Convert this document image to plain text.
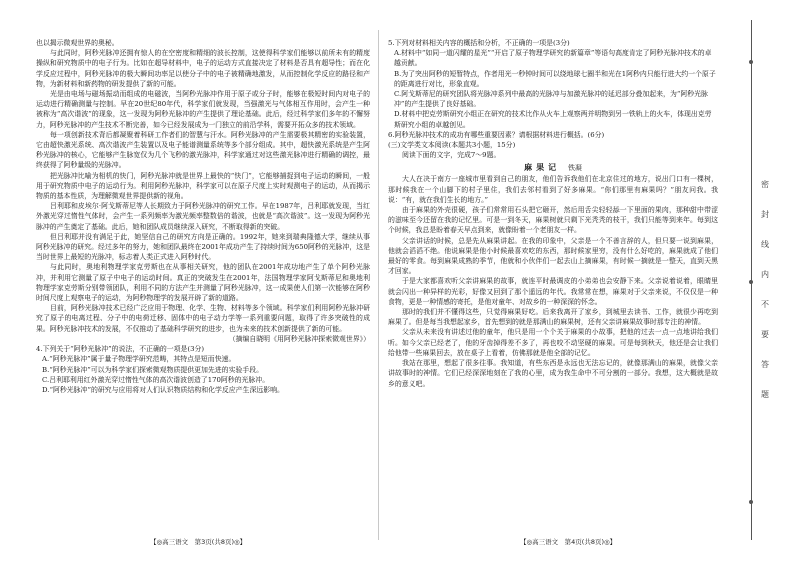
也以揭示微观世界的奥秘。

与此同时，阿秒光脉冲还拥有惊人的在空密度和精细的波长控制，这使得科学家们能够以前所未有的精度操纵和研究物质中的电子行为。比如在超导材料中，电子的运动方式直接决定了材料是否具有超导性；而在化学反应过程中，阿秒光脉冲的极大瞬间功率足以使分子中的电子被精确地激发，从而控制化学反应的路径和产物，为新材料和新药物的研发提供了新的可能。

光是由电场与磁场振动而组成的电磁波，当阿秒光脉冲作用于原子或分子时，能够在极短时间内对电子的运动进行精确测量与控制。早在20世纪80年代，科学家们就发现，当强激光与气体相互作用时，会产生一种被称为“高次谐波”的现象，这一发现为阿秒光脉冲的产生提供了理论基础。此后，经过科学家们多年的不懈努力，阿秒光脉冲的产生技术不断完善，如今已经发展成为一门独立的前沿学科，需要开拓众多的技术领域。

每一项创新技术背后都凝聚着科研工作者们的智慧与汗水。阿秒光脉冲的产生需要极其精密的实验装置，它由超快激光系统、高次谐波产生装置以及电子能谱测量系统等多个部分组成。其中，超快激光系统是产生阿秒光脉冲的核心，它能够产生脉宽仅为几个飞秒的激光脉冲，科学家通过对这些激光脉冲进行精确的调控，最终获得了阿秒量级的光脉冲。

把光脉冲比喻为相机的快门，阿秒光脉冲就是世界上最快的“快门”，它能够捕捉到电子运动的瞬间，一般用于研究物质中电子的运动行为。利用阿秒光脉冲，科学家可以在原子尺度上实时观测电子的运动，从而揭示物质的基本性质，为理解微观世界提供新的视角。

吕利耶和皮埃尔·阿戈斯蒂尼等人长期致力于阿秒光脉冲的研究工作。早在1987年，吕利耶就发现，当红外激光穿过惰性气体时，会产生一系列频率为激光频率整数倍的谐波，也就是“高次谐波”。这一发现为阿秒光脉冲的产生奠定了基础。此后，她和团队成员继续深入研究，不断取得新的突破。

但吕利耶并没有满足于此，她坚信自己的研究方向是正确的。1992年，她来到瑞典隆德大学，继续从事阿秒光脉冲的研究。经过多年的努力，她和团队最终在2001年成功产生了持续时间为650阿秒的光脉冲，这是当时世界上最短的光脉冲，标志着人类正式进入阿秒时代。

与此同时，奥地利物理学家克劳斯也在从事相关研究，他的团队在2001年成功地产生了单个阿秒光脉冲，并利用它测量了原子中电子的运动时间。真正的突破发生在2001年，法国物理学家阿戈斯蒂尼和奥地利物理学家克劳斯分别带领团队，利用不同的方法产生并测量了阿秒光脉冲，这一成果使人们第一次能够在阿秒时间尺度上观察电子的运动，为阿秒物理学的发展开辟了新的道路。

目前，阿秒光脉冲技术已经广泛应用于物理、化学、生物、材料等多个领域。科学家们利用阿秒光脉冲研究了原子的电离过程、分子中的电荷迁移、固体中的电子动力学等一系列重要问题，取得了许多突破性的成果。阿秒光脉冲技术的发展，不仅推动了基础科学研究的进步，也为未来的技术创新提供了新的可能。

（摘编自晓明《用阿秒光脉冲探索微观世界》）

4.下列关于“阿秒光脉冲”的说法，不正确的一项是(3分)

A.“阿秒光脉冲”属于量子物理学研究范畴，其特点是短而快速。

B.“阿秒光脉冲”可以为科学家们探索微观物质提供更加先进的实验手段。

C.吕利耶利用红外激光穿过惰性气体的高次谐波创造了170阿秒的光脉冲。

D.“阿秒光脉冲”的研究与应用将对人们认识物质结构和化学反应产生深远影响。

5.下列对材料相关内容的概括和分析，不正确的一项是(3分)

A.材料中“如同一道闪耀的星光”“开启了原子物理学研究的新篇章”等语句高度肯定了阿秒光脉冲技术的卓越贡献。

B.为了突出阿秒的短暂特点，作者用光一秒钟时间可以绕地球七圈半和光在1阿秒内只能行进大约一个原子的距离进行对比，形象直观。

C.阿戈斯蒂尼的研究团队将光脉冲系列中最高的光脉冲与加激光脉冲的延迟部分叠加起来，为“阿秒光脉冲”的产生提供了良好基础。

D.材料中把克劳斯研究小组正在研究的技术比作从火车上观察两并明物到另一铁轨上的火车，体现出克劳斯研究小组的卓越创见。

6.阿秒光脉冲技术的成功有哪些重要因素？请根据材料进行概括。(6分)

(三)文学类文本阅读(本题共3小题，15分)

阅读下面的文字，完成7～9题。

麻果记 铁凝

大人在决于南方一座城市里看到自己的朋友，他们告诉我他们在北京住过的地方，说出门口有一棵树，那时候我在一个山脚下的村子里住，我们去邻村看到了好多麻果。“你们那里有麻果吗？”朋友问我。我说：“有，就在我们生长的地方。”

由于麻果的外壳很硬，孩子们常常用石头把它砸开，然后用舌尖轻轻舔一下里面的果肉，那种甜中带涩的滋味至今还留在我的记忆里。可是一到冬天，麻果树就只剩下光秃秃的枝干，我们只能等到来年。每到这个时候，我总是盼着春天早点到来，就像盼着一个老朋友一样。

父亲讲话的时候，总是先从麻果讲起。在我的印象中，父亲是一个不善言辞的人，但只要一说到麻果，他就会滔滔不绝。他说麻果是他小时候最喜欢吃的东西，那时候家里穷，没有什么好吃的，麻果就成了他们最好的零食。每到麻果成熟的季节，他就和小伙伴们一起去山上摘麻果，有时候一摘就是一整天，直到天黑才回家。

于是大家都喜欢听父亲讲麻果的故事，就连平时最调皮的小弟弟也会安静下来。父亲说着说着，眼睛里就会闪出一种异样的光彩，好像又回到了那个遥远的年代。我常常在想，麻果对于父亲来说，不仅仅是一种食物，更是一种情感的寄托，是他对童年、对故乡的一种深深的怀念。

那时的我们并不懂得这些，只觉得麻果好吃。后来我离开了家乡，到城里去读书、工作，就很少再吃到麻果了。但是每当我想起家乡，首先想到的就是那满山的麻果树，还有父亲讲麻果故事时那专注的神情。

父亲从未来没有讲述过他的童年，他只是用一个个关于麻果的小故事，把他的过去一点一点地讲给我们听。如今父亲已经老了，他的牙齿掉得差不多了，再也咬不动坚硬的麻果。可是每到秋天，他还是会让我们给他带一些麻果回去，放在桌子上看着，仿佛那就是他全部的记忆。

我站在那里，想起了很多往事。我知道，有些东西是永远也无法忘记的，就像那满山的麻果，就像父亲讲故事时的神情。它们已经深深地刻在了我的心里，成为我生命中不可分割的一部分。我想，这大概就是故乡的意义吧。

【◎高三语文　第3页(共8页)◎】	【◎高三语文　第4页(共8页)◎】
密
封
线
内
不
要
答
题
